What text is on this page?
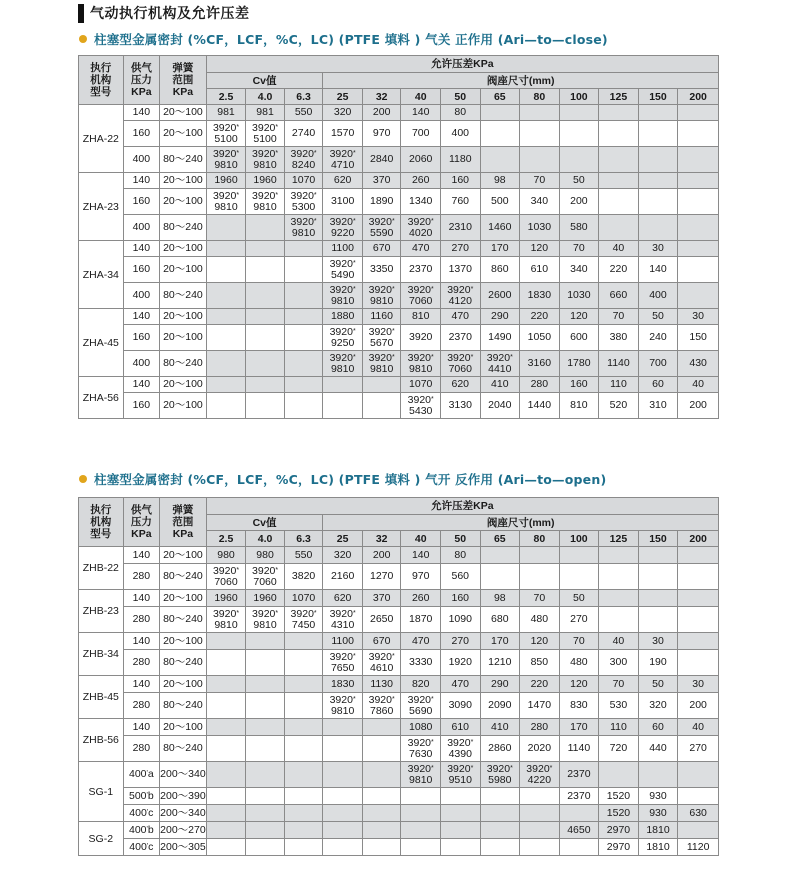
气动执行机构及允许压差
柱塞型金属密封 (%CF，LCF，%C，LC) (PTFE 填料 ) 气关 正作用 (Ari—to—close)
执行
机构
型号	供气
压力
KPa	弹簧
范围
KPa	允许压差KPa												
			Cv值			阀座尺寸(mm)									
			2.5	4.0	6.3	25	32	40	50	65	80	100	125	150	200
ZHA-22	140	20～100	981	981	550	320	200	140	80						
	160	20～100	3920*
5100	3920*
5100	2740	1570	970	700	400						
	400	80～240	3920*
9810	3920*
9810	3920*
8240	3920*
4710	2840	2060	1180						
ZHA-23	140	20～100	1960	1960	1070	620	370	260	160	98	70	50			
	160	20～100	3920*
9810	3920*
9810	3920*
5300	3100	1890	1340	760	500	340	200			
	400	80～240			3920*
9810	3920*
9220	3920*
5590	3920*
4020	2310	1460	1030	580			
ZHA-34	140	20～100				1100	670	470	270	170	120	70	40	30	
	160	20～100				3920*
5490	3350	2370	1370	860	610	340	220	140	
	400	80～240				3920*
9810	3920*
9810	3920*
7060	3920*
4120	2600	1830	1030	660	400	
ZHA-45	140	20～100				1880	1160	810	470	290	220	120	70	50	30
	160	20～100				3920*
9250	3920*
5670	3920	2370	1490	1050	600	380	240	150
	400	80～240				3920*
9810	3920*
9810	3920*
9810	3920*
7060	3920*
4410	3160	1780	1140	700	430
ZHA-56	140	20～100						1070	620	410	280	160	110	60	40
	160	20～100						3920*
5430	3130	2040	1440	810	520	310	200
柱塞型金属密封 (%CF，LCF，%C，LC) (PTFE 填料 ) 气开 反作用 (Ari—to—open)
执行
机构
型号	供气
压力
KPa	弹簧
范围
KPa	允许压差KPa												
			Cv值			阀座尺寸(mm)									
			2.5	4.0	6.3	25	32	40	50	65	80	100	125	150	200
ZHB-22	140	20～100	980	980	550	320	200	140	80						
	280	80～240	3920*
7060	3920*
7060	3820	2160	1270	970	560						
ZHB-23	140	20～100	1960	1960	1070	620	370	260	160	98	70	50			
	280	80～240	3920*
9810	3920*
9810	3920*
7450	3920*
4310	2650	1870	1090	680	480	270			
ZHB-34	140	20～100				1100	670	470	270	170	120	70	40	30	
	280	80～240				3920*
7650	3920*
4610	3330	1920	1210	850	480	300	190	
ZHB-45	140	20～100				1830	1130	820	470	290	220	120	70	50	30
	280	80～240				3920*
9810	3920*
7860	3920*
5690	3090	2090	1470	830	530	320	200
ZHB-56	140	20～100						1080	610	410	280	170	110	60	40
	280	80～240						3920*
7630	3920*
4390	2860	2020	1140	720	440	270
SG-1	400'a	200～340						3920*
9810	3920*
9510	3920*
5980	3920*
4220	2370			
	500'b	200～390										2370	1520	930	
	400'c	200～340											1520	930	630
SG-2	400'b	200～270										4650	2970	1810	
	400'c	200～305											2970	1810	1120
